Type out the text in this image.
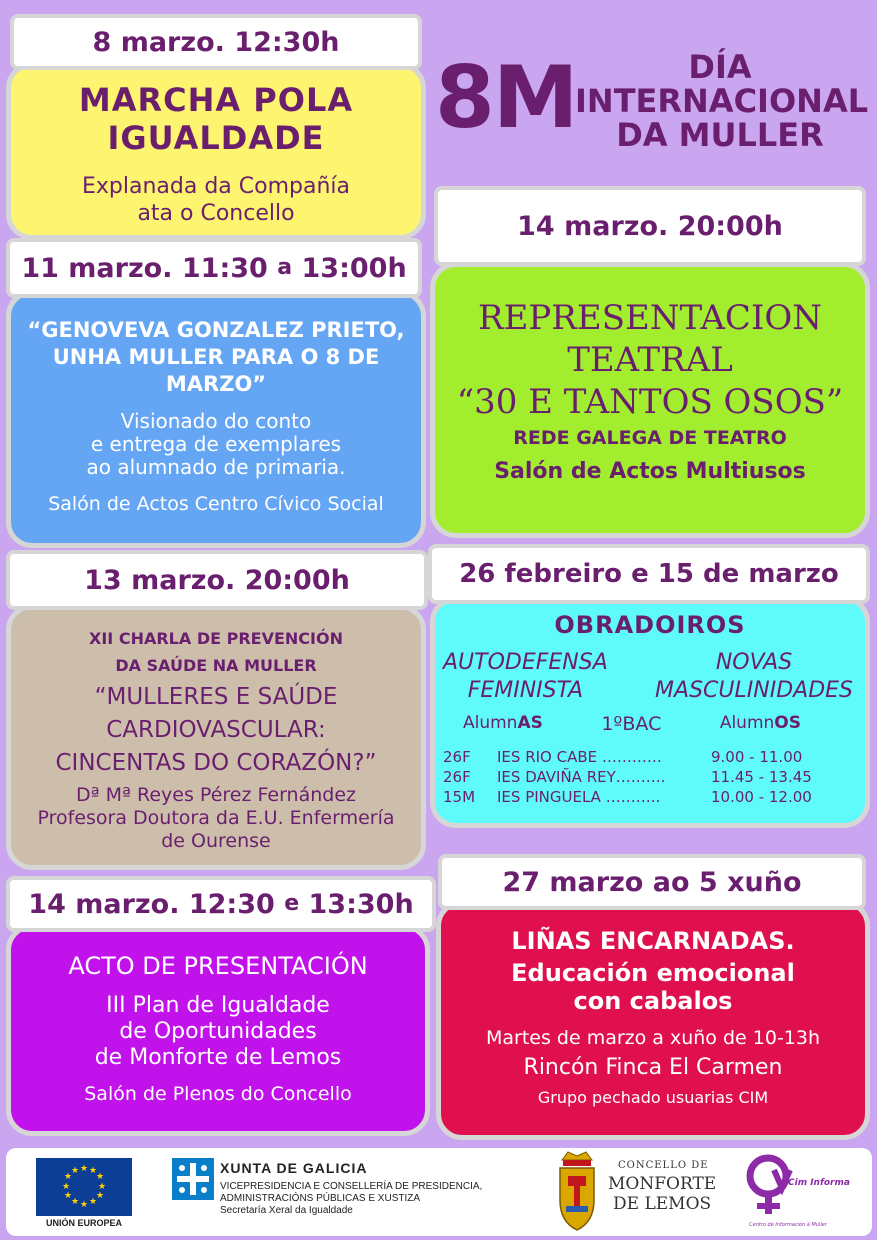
8M	DÍA
INTERNACIONAL
DA MULLER
MARCHA POLA
IGUALDADE
Explanada da Compañía
ata o Concello
8 marzo. 12:30h
“GENOVEVA GONZALEZ PRIETO,
UNHA MULLER PARA O 8 DE
MARZO”
Visionado do conto
e entrega de exemplares
ao alumnado de primaria.
Salón de Actos Centro Cívico Social
11 marzo. 11:30 a 13:00h
REPRESENTACION
TEATRAL
“30 E TANTOS OSOS”
REDE GALEGA DE TEATRO
Salón de Actos Multiusos
14 marzo. 20:00h
XII CHARLA DE PREVENCIÓN
DA SAÚDE NA MULLER
“MULLERES E SAÚDE
CARDIOVASCULAR:
CINCENTAS DO CORAZÓN?”
Dª Mª Reyes Pérez Fernández
Profesora Doutora da E.U. Enfermería
de Ourense
13 marzo. 20:00h
OBRADOIROS
AUTODEFENSA
FEMINISTA
NOVAS
MASCULINIDADES
AlumnAS	1ºBAC	AlumnOS
26F	IES RIO CABE …………	9.00 - 11.00
26F	IES DAVIÑA REY……….	11.45 - 13.45
15M	IES PINGUELA ………..	10.00 - 12.00
26 febreiro e 15 de marzo
ACTO DE PRESENTACIÓN
III Plan de Igualdade
de Oportunidades
de Monforte de Lemos
Salón de Plenos do Concello
14 marzo. 12:30 e 13:30h
LIÑAS ENCARNADAS.
Educación emocional
con cabalos
Martes de marzo a xuño de 10-13h
Rincón Finca El Carmen
Grupo pechado usuarias CIM
27 marzo ao 5 xuño
★ ★
★
★
★
★
★
★
★
★
★
★
UNIÓN EUROPEA
XUNTA DE GALICIA
VICEPRESIDENCIA E CONSELLERÍA DE PRESIDENCIA,
ADMINISTRACIÓNS PÚBLICAS E XUSTIZA
Secretaría Xeral da Igualdade
CONCELLO DE
MONFORTE
DE LEMOS
Cim Informa
Centro de Información á Muller
